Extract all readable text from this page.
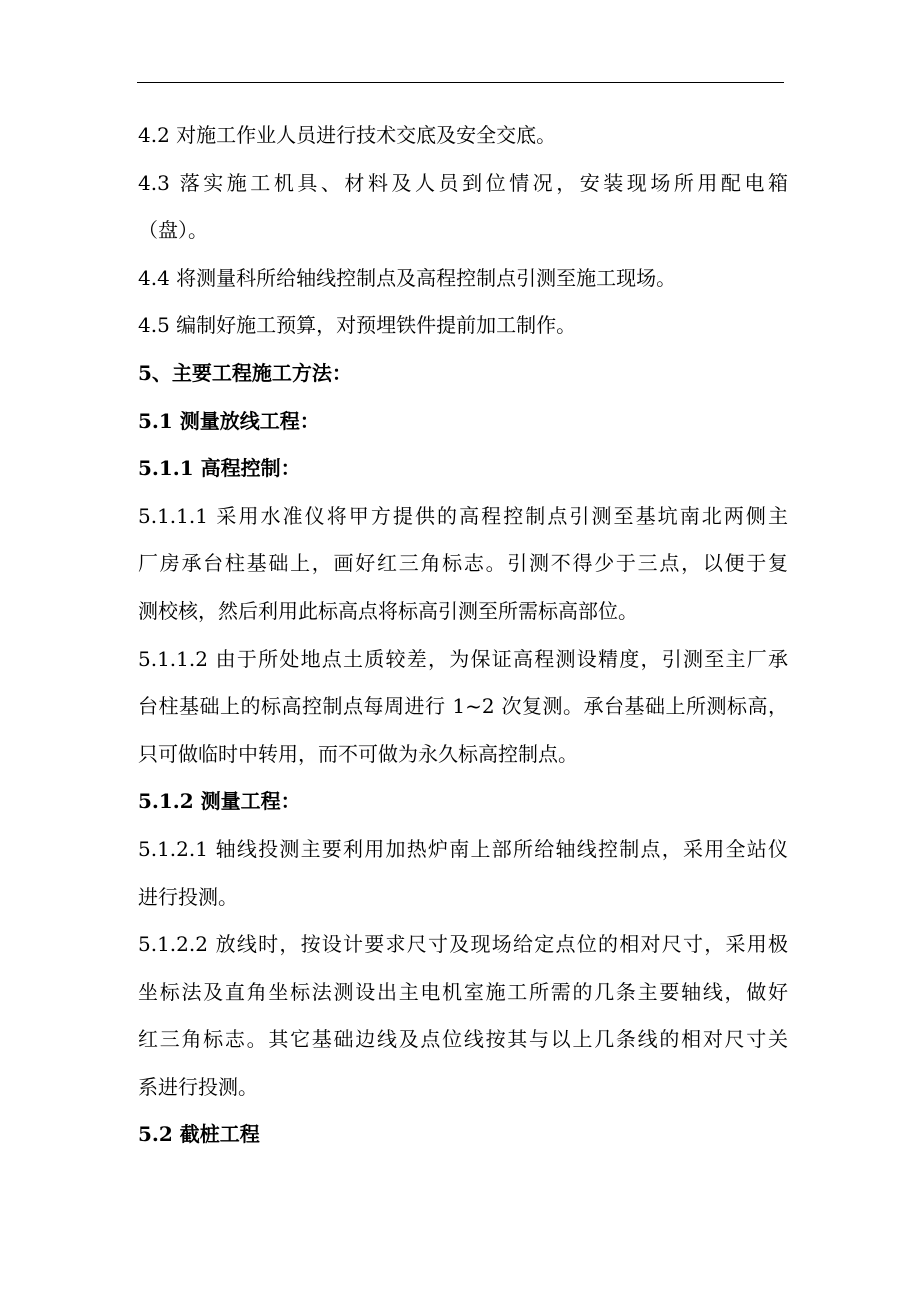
4.2 对施工作业人员进行技术交底及安全交底。
4.3 落实施工机具、材料及人员到位情况，安装现场所用配电箱
（盘）。
4.4 将测量科所给轴线控制点及高程控制点引测至施工现场。
4.5 编制好施工预算，对预埋铁件提前加工制作。
5、主要工程施工方法：
5.1 测量放线工程：
5.1.1 高程控制：
5.1.1.1 采用水准仪将甲方提供的高程控制点引测至基坑南北两侧主
厂房承台柱基础上，画好红三角标志。引测不得少于三点，以便于复
测校核，然后利用此标高点将标高引测至所需标高部位。
5.1.1.2 由于所处地点土质较差，为保证高程测设精度，引测至主厂承
台柱基础上的标高控制点每周进行 1~2 次复测。承台基础上所测标高，
只可做临时中转用，而不可做为永久标高控制点。
5.1.2 测量工程：
5.1.2.1 轴线投测主要利用加热炉南上部所给轴线控制点，采用全站仪
进行投测。
5.1.2.2 放线时，按设计要求尺寸及现场给定点位的相对尺寸，采用极
坐标法及直角坐标法测设出主电机室施工所需的几条主要轴线，做好
红三角标志。其它基础边线及点位线按其与以上几条线的相对尺寸关
系进行投测。
5.2 截桩工程
